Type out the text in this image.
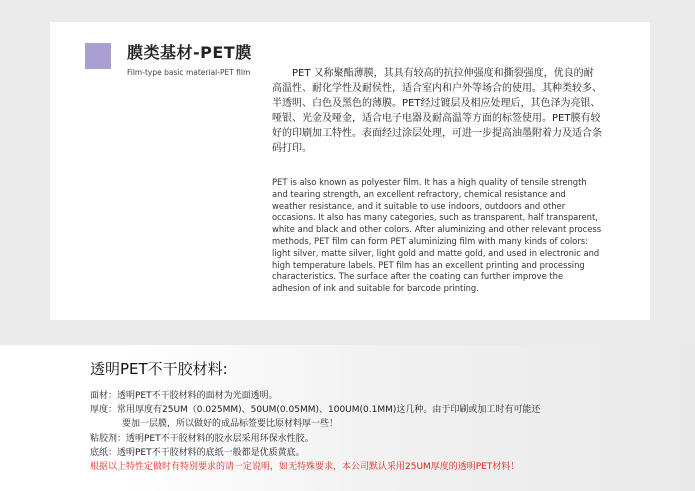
膜类基材-PET膜
Film-type basic material-PET film	PET 又称聚酯薄膜，其具有较高的抗拉伸强度和撕裂强度，优良的耐高温性、耐化学性及耐侯性，适合室内和户外等场合的使用。其种类较多、半透明、白色及黑色的薄膜。PET经过镀层及相应处理后，其色泽为亮银、哑银、光金及哑金，适合电子电器及耐高温等方面的标签使用。PET膜有较好的印刷加工特性。表面经过涂层处理，可进一步提高油墨附着力及适合条码打印。

PET is also known as polyester film. It has a high quality of tensile strength and tearing strength, an excellent refractory, chemical resistance and weather resistance, and it suitable to use indoors, outdoors and other occasions. It also has many categories, such as transparent, half transparent, white and black and other colors. After aluminizing and other relevant process methods, PET film can form PET aluminizing film with many kinds of colors: light silver, matte silver, light gold and matte gold, and used in electronic and high temperature labels. PET film has an excellent printing and processing characteristics. The surface after the coating can further improve the adhesion of ink and suitable for barcode printing.

透明PET不干胶材料:
面材：透明PET不干胶材料的面材为光面透明。
厚度：常用厚度有25UM（0.025MM)、50UM(0.05MM)、100UM(0.1MM)这几种。由于印刷或加工时有可能还
要加一层膜，所以做好的成品标签要比原材料厚一些！
粘胶剂：透明PET不干胶材料的胶水层采用环保水性胶。
底纸：透明PET不干胶材料的底纸一般都是优质黄底。
根据以上特性定做时有特别要求的请一定说明，如无特殊要求，本公司默认采用25UM厚度的透明PET材料！
